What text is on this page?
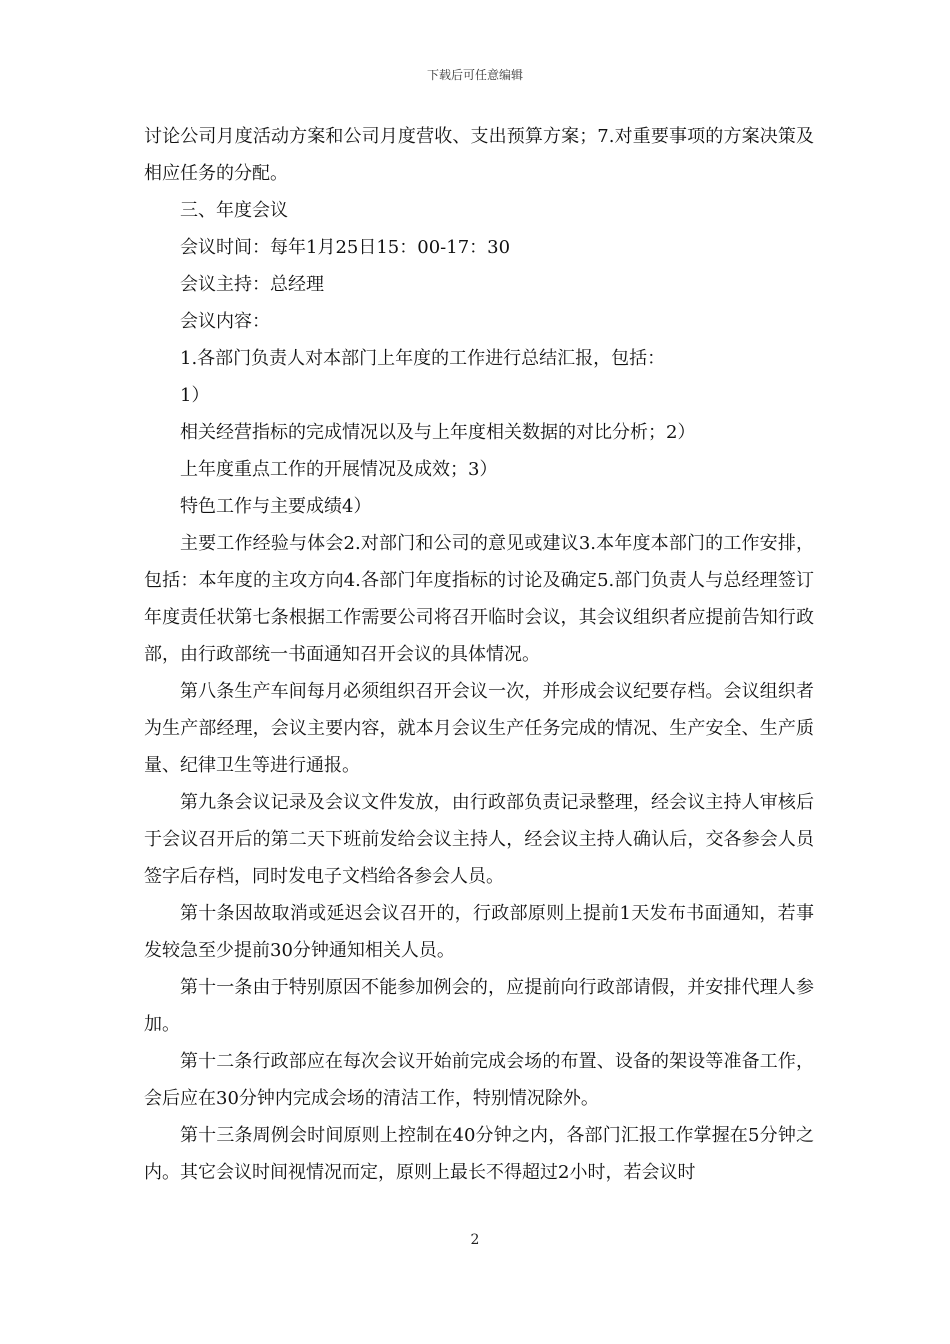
下载后可任意编辑

讨论公司月度活动方案和公司月度营收、支出预算方案；7.对重要事项的方案决策及相应任务的分配。

三、年度会议

会议时间：每年1月25日15：00-17：30

会议主持：总经理

会议内容：

1.各部门负责人对本部门上年度的工作进行总结汇报，包括：

1）

相关经营指标的完成情况以及与上年度相关数据的对比分析；2）

上年度重点工作的开展情况及成效；3）

特色工作与主要成绩4）

主要工作经验与体会2.对部门和公司的意见或建议3.本年度本部门的工作安排，包括：本年度的主攻方向4.各部门年度指标的讨论及确定5.部门负责人与总经理签订年度责任状第七条根据工作需要公司将召开临时会议，其会议组织者应提前告知行政部，由行政部统一书面通知召开会议的具体情况。

第八条生产车间每月必须组织召开会议一次，并形成会议纪要存档。会议组织者为生产部经理，会议主要内容，就本月会议生产任务完成的情况、生产安全、生产质量、纪律卫生等进行通报。

第九条会议记录及会议文件发放，由行政部负责记录整理，经会议主持人审核后于会议召开后的第二天下班前发给会议主持人，经会议主持人确认后，交各参会人员签字后存档，同时发电子文档给各参会人员。

第十条因故取消或延迟会议召开的，行政部原则上提前1天发布书面通知，若事发较急至少提前30分钟通知相关人员。

第十一条由于特别原因不能参加例会的，应提前向行政部请假，并安排代理人参加。

第十二条行政部应在每次会议开始前完成会场的布置、设备的架设等准备工作，会后应在30分钟内完成会场的清洁工作，特别情况除外。

第十三条周例会时间原则上控制在40分钟之内，各部门汇报工作掌握在5分钟之内。其它会议时间视情况而定，原则上最长不得超过2小时，若会议时

2
